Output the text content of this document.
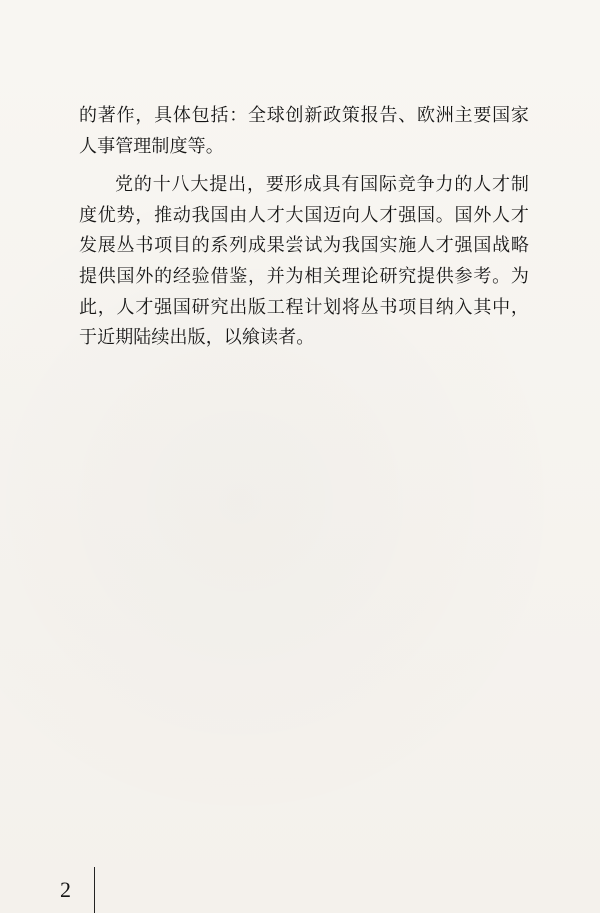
的著作，具体包括：全球创新政策报告、欧洲主要国家人事管理制度等。

党的十八大提出，要形成具有国际竞争力的人才制度优势，推动我国由人才大国迈向人才强国。国外人才发展丛书项目的系列成果尝试为我国实施人才强国战略提供国外的经验借鉴，并为相关理论研究提供参考。为此，人才强国研究出版工程计划将丛书项目纳入其中，于近期陆续出版，以飨读者。

2
